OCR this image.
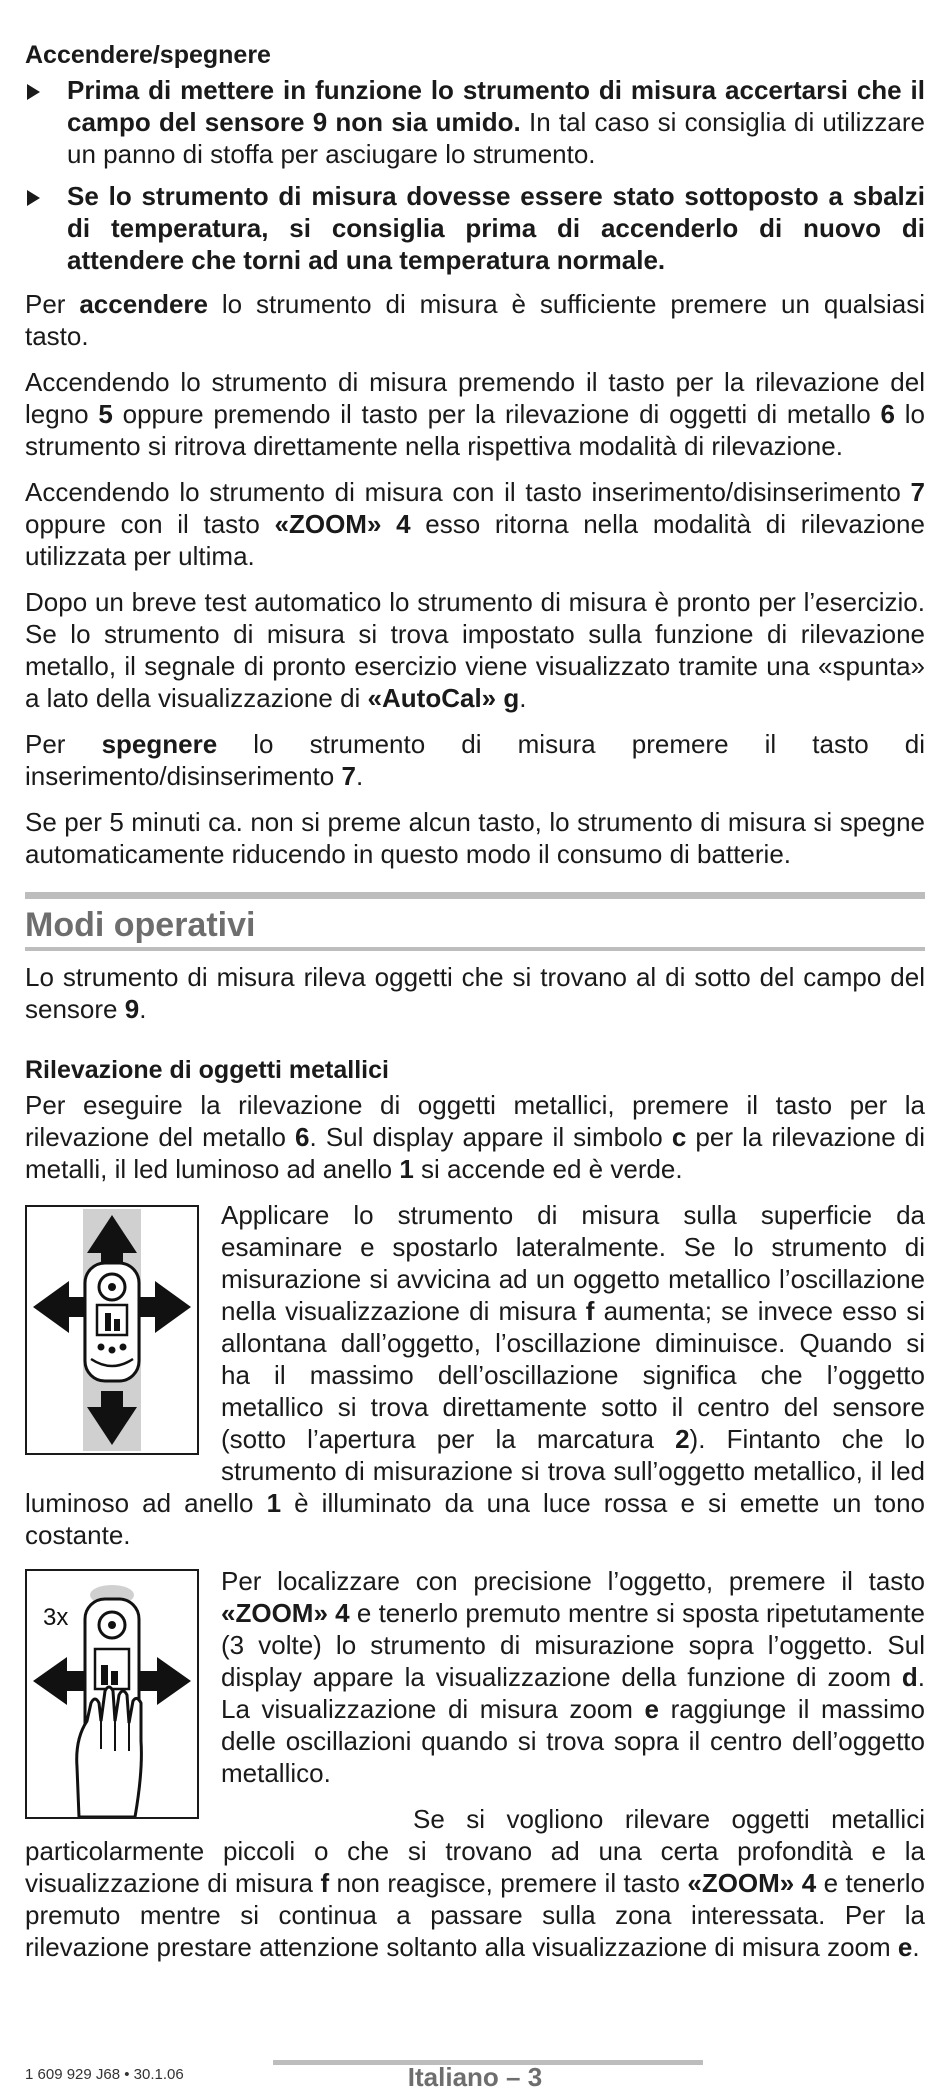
Accendere/spegnere
Prima di mettere in funzione lo strumento di misura accertarsi che il campo del sensore 9 non sia umido. In tal caso si consiglia di utilizzare un panno di stoffa per asciugare lo strumento.
Se lo strumento di misura dovesse essere stato sottoposto a sbalzi di temperatura, si consiglia prima di accenderlo di nuovo di attendere che torni ad una temperatura normale.

Per accendere lo strumento di misura è sufficiente premere un qualsiasi tasto.

Accendendo lo strumento di misura premendo il tasto per la rilevazione del legno 5 oppure premendo il tasto per la rilevazione di oggetti di metallo 6 lo strumento si ritrova direttamente nella rispettiva modalità di rilevazione.

Accendendo lo strumento di misura con il tasto inserimento/disinserimento 7 oppure con il tasto «ZOOM» 4 esso ritorna nella modalità di rilevazione utilizzata per ultima.

Dopo un breve test automatico lo strumento di misura è pronto per l’esercizio. Se lo strumento di misura si trova impostato sulla funzione di rilevazione metallo, il segnale di pronto esercizio viene visualizzato tramite una «spunta» a lato della visualizzazione di «AutoCal» g.

Per spegnere lo strumento di misura premere il tasto di inserimento/disinserimento 7.

Se per 5 minuti ca. non si preme alcun tasto, lo strumento di misura si spegne automaticamente riducendo in questo modo il consumo di batterie.

Modi operativi

Lo strumento di misura rileva oggetti che si trovano al di sotto del campo del sensore 9.

Rilevazione di oggetti metallici

Per eseguire la rilevazione di oggetti metallici, premere il tasto per la rilevazione del metallo 6. Sul display appare il simbolo c per la rilevazione di metalli, il led luminoso ad anello 1 si accende ed è verde.

Applicare lo strumento di misura sulla superficie da esaminare e spostarlo lateralmente. Se lo strumento di misurazione si avvicina ad un oggetto metallico l’oscillazione nella visualizzazione di misura f aumenta; se invece esso si allontana dall’oggetto, l’oscillazione diminuisce. Quando si ha il massimo dell’oscillazione significa che l’oggetto metallico si trova direttamente sotto il centro del sensore (sotto l’apertura per la marcatura 2). Fintanto che lo strumento di misurazione si trova sull’oggetto metallico, il led luminoso ad anello 1 è illuminato da una luce rossa e si emette un tono costante.

3x

Per localizzare con precisione l’oggetto, premere il tasto «ZOOM» 4 e tenerlo premuto mentre si sposta ripetutamente (3 volte) lo strumento di misurazione sopra l’oggetto. Sul display appare la visualizzazione della funzione di zoom d. La visualizzazione di misura zoom e raggiunge il massimo delle oscillazioni quando si trova sopra il centro dell’oggetto metallico.

Se si vogliono rilevare oggetti metallici particolarmente piccoli o che si trovano ad una certa profondità e la visualizzazione di misura f non reagisce, premere il tasto «ZOOM» 4 e tenerlo premuto mentre si continua a passare sulla zona interessata. Per la rilevazione prestare attenzione soltanto alla visualizzazione di misura zoom e.

1 609 929 J68 • 30.1.06	Italiano – 3
